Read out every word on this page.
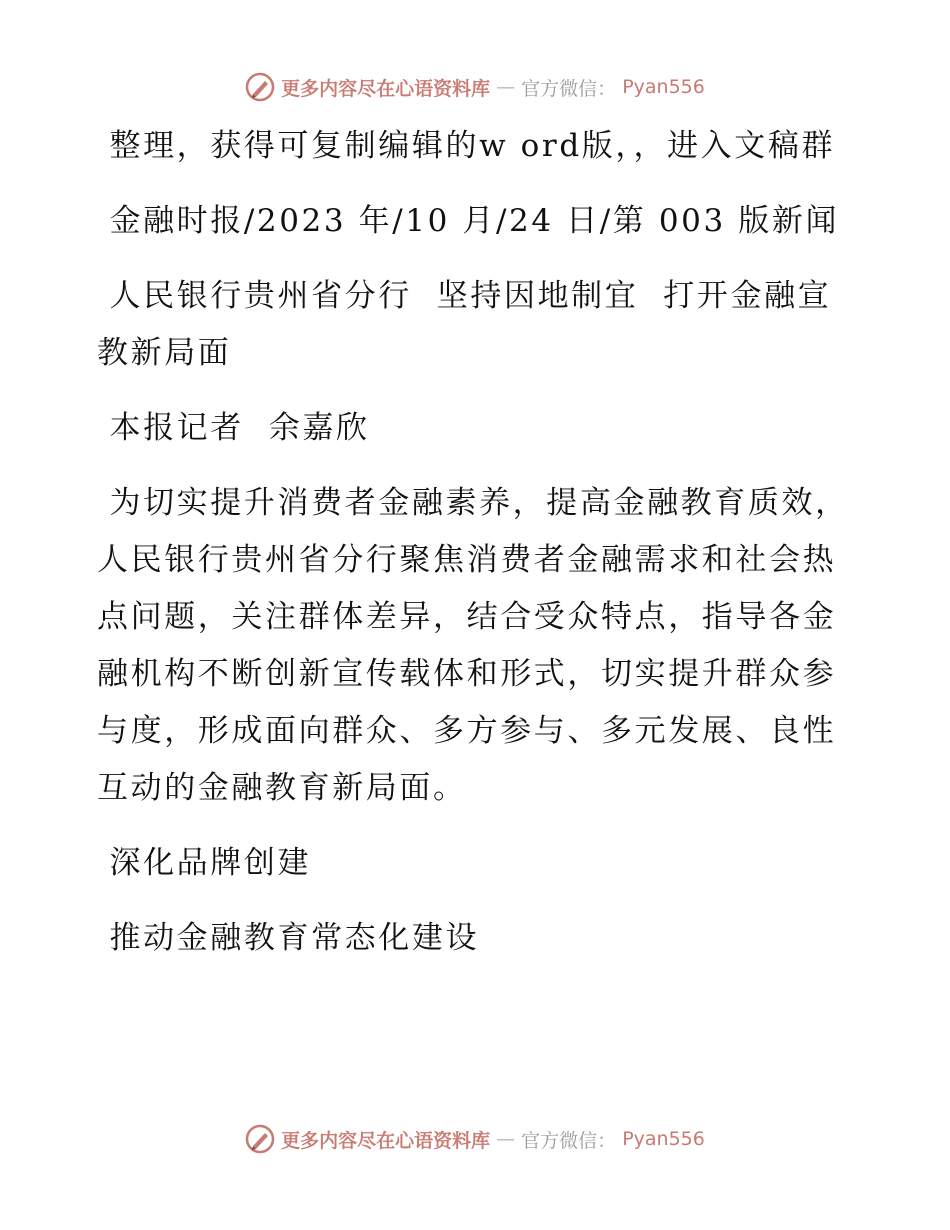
更多内容尽在心语资料库 — 官方微信： Pyan556

整理，获得可复制编辑的w ord版，，进入文稿群

金融时报/2023 年/10 月/24 日/第 003 版新闻

人民银行贵州省分行  坚持因地制宜  打开金融宣教新局面

本报记者  余嘉欣

为切实提升消费者金融素养，提高金融教育质效，人民银行贵州省分行聚焦消费者金融需求和社会热点问题，关注群体差异，结合受众特点，指导各金融机构不断创新宣传载体和形式，切实提升群众参与度，形成面向群众、多方参与、多元发展、良性互动的金融教育新局面。

深化品牌创建

推动金融教育常态化建设

更多内容尽在心语资料库 — 官方微信： Pyan556
